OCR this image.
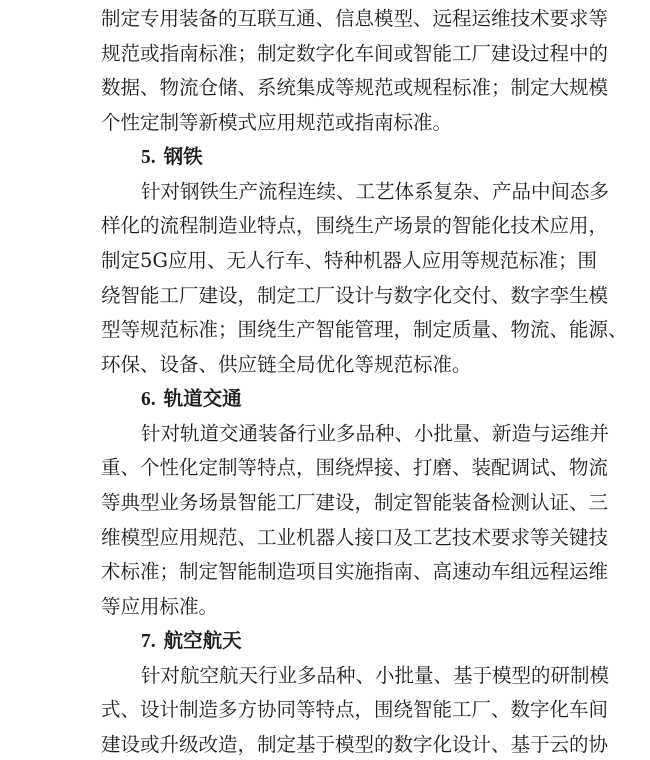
制定专用装备的互联互通、信息模型、远程运维技术要求等
规范或指南标准；制定数字化车间或智能工厂建设过程中的
数据、物流仓储、系统集成等规范或规程标准；制定大规模
个性定制等新模式应用规范或指南标准。
5. 钢铁
针对钢铁生产流程连续、工艺体系复杂、产品中间态多
样化的流程制造业特点，围绕生产场景的智能化技术应用，
制定5G应用、无人行车、特种机器人应用等规范标准；围
绕智能工厂建设，制定工厂设计与数字化交付、数字孪生模
型等规范标准；围绕生产智能管理，制定质量、物流、能源、
环保、设备、供应链全局优化等规范标准。
6. 轨道交通
针对轨道交通装备行业多品种、小批量、新造与运维并
重、个性化定制等特点，围绕焊接、打磨、装配调试、物流
等典型业务场景智能工厂建设，制定智能装备检测认证、三
维模型应用规范、工业机器人接口及工艺技术要求等关键技
术标准；制定智能制造项目实施指南、高速动车组远程运维
等应用标准。
7. 航空航天
针对航空航天行业多品种、小批量、基于模型的研制模
式、设计制造多方协同等特点，围绕智能工厂、数字化车间
建设或升级改造，制定基于模型的数字化设计、基于云的协
